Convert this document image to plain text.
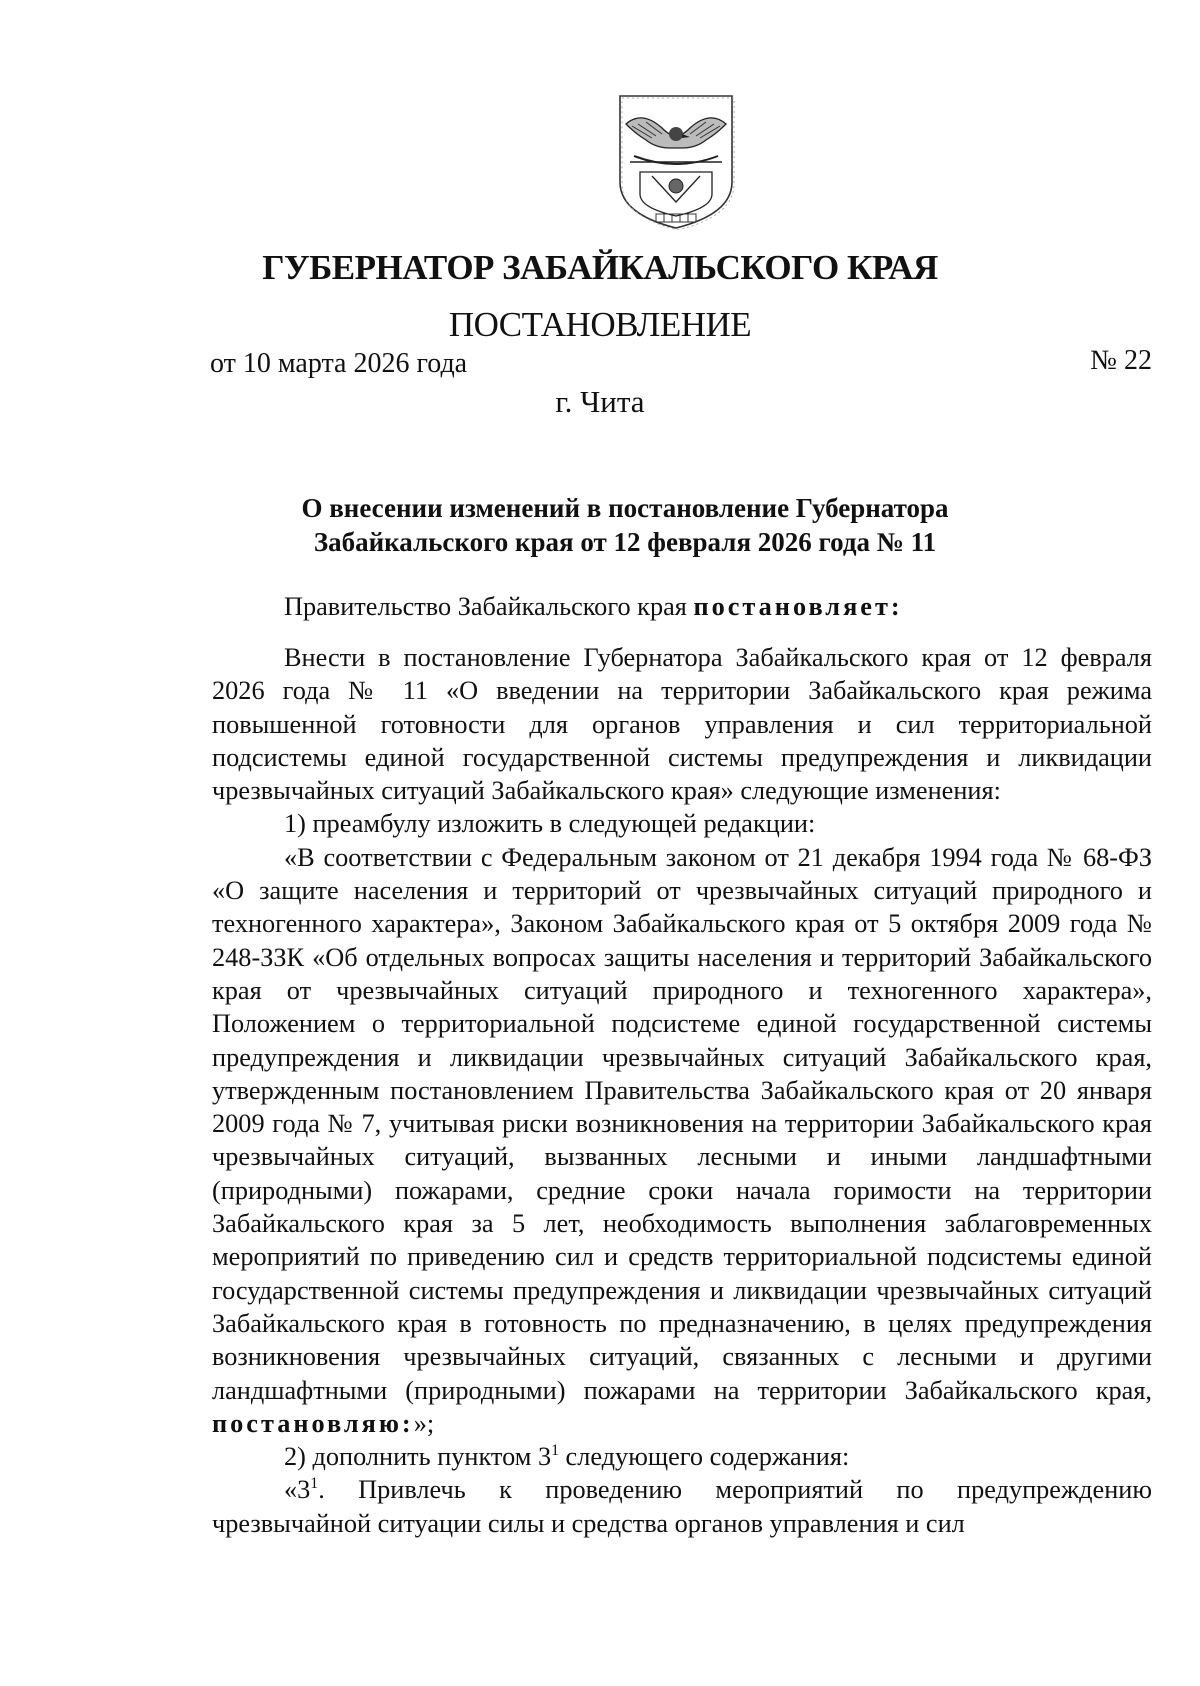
ГУБЕРНАТОР ЗАБАЙКАЛЬСКОГО КРАЯ
ПОСТАНОВЛЕНИЕ
от 10 марта 2026 года	№ 22
г. Чита
О внесении изменений в постановление Губернатора
Забайкальского края от 12 февраля 2026 года № 11
Правительство Забайкальского края постановляет:

Внести в постановление Губернатора Забайкальского края от 12 февраля 2026 года № 11 «О введении на территории Забайкальского края режима повышенной готовности для органов управления и сил территориальной подсистемы единой государственной системы предупреждения и ликвидации чрезвычайных ситуаций Забайкальского края» следующие изменения:

1) преамбулу изложить в следующей редакции:

«В соответствии с Федеральным законом от 21 декабря 1994 года № 68-ФЗ «О защите населения и территорий от чрезвычайных ситуаций природного и техногенного характера», Законом Забайкальского края от 5 октября 2009 года № 248-ЗЗК «Об отдельных вопросах защиты населения и территорий Забайкальского края от чрезвычайных ситуаций природного и техногенного характера», Положением о территориальной подсистеме единой государственной системы предупреждения и ликвидации чрезвычайных ситуаций Забайкальского края, утвержденным постановлением Правительства Забайкальского края от 20 января 2009 года № 7, учитывая риски возникновения на территории Забайкальского края чрезвычайных ситуаций, вызванных лесными и иными ландшафтными (природными) пожарами, средние сроки начала горимости на территории Забайкальского края за 5 лет, необходимость выполнения заблаговременных мероприятий по приведению сил и средств территориальной подсистемы единой государственной системы предупреждения и ликвидации чрезвычайных ситуаций Забайкальского края в готовность по предназначению, в целях предупреждения возникновения чрезвычайных ситуаций, связанных с лесными и другими ландшафтными (природными) пожарами на территории Забайкальского края, постановляю:»;

2) дополнить пунктом $3^1$ следующего содержания:

«$3^1$. Привлечь к проведению мероприятий по предупреждению чрезвычайной ситуации силы и средства органов управления и сил
